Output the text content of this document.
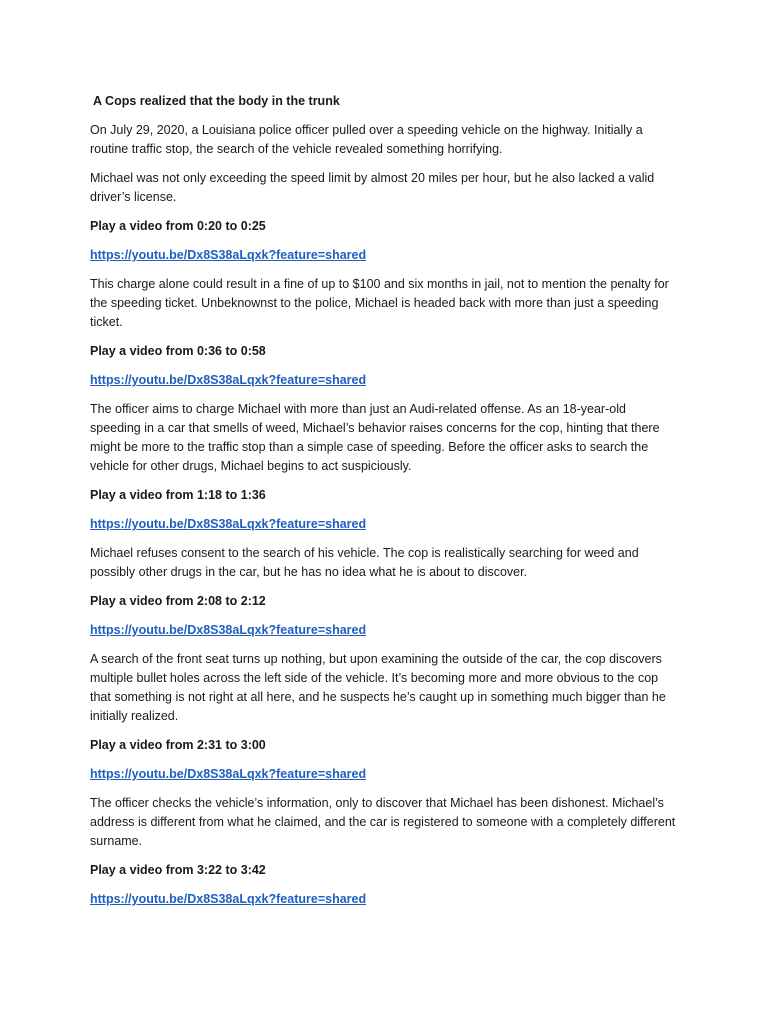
A Cops realized that the body in the trunk
On July 29, 2020, a Louisiana police officer pulled over a speeding vehicle on the highway. Initially a routine traffic stop, the search of the vehicle revealed something horrifying.
Michael was not only exceeding the speed limit by almost 20 miles per hour, but he also lacked a valid driver’s license.
Play a video from 0:20 to 0:25
https://youtu.be/Dx8S38aLqxk?feature=shared
This charge alone could result in a fine of up to $100 and six months in jail, not to mention the penalty for the speeding ticket. Unbeknownst to the police, Michael is headed back with more than just a speeding ticket.
Play a video from 0:36 to 0:58
https://youtu.be/Dx8S38aLqxk?feature=shared
The officer aims to charge Michael with more than just an Audi-related offense. As an 18-year-old speeding in a car that smells of weed, Michael’s behavior raises concerns for the cop, hinting that there might be more to the traffic stop than a simple case of speeding. Before the officer asks to search the vehicle for other drugs, Michael begins to act suspiciously.
Play a video from 1:18 to 1:36
https://youtu.be/Dx8S38aLqxk?feature=shared
Michael refuses consent to the search of his vehicle. The cop is realistically searching for weed and possibly other drugs in the car, but he has no idea what he is about to discover.
Play a video from 2:08 to 2:12
https://youtu.be/Dx8S38aLqxk?feature=shared
A search of the front seat turns up nothing, but upon examining the outside of the car, the cop discovers multiple bullet holes across the left side of the vehicle. It’s becoming more and more obvious to the cop that something is not right at all here, and he suspects he’s caught up in something much bigger than he initially realized.
Play a video from 2:31 to 3:00
https://youtu.be/Dx8S38aLqxk?feature=shared
The officer checks the vehicle’s information, only to discover that Michael has been dishonest. Michael’s address is different from what he claimed, and the car is registered to someone with a completely different surname.
Play a video from 3:22 to 3:42
https://youtu.be/Dx8S38aLqxk?feature=shared
